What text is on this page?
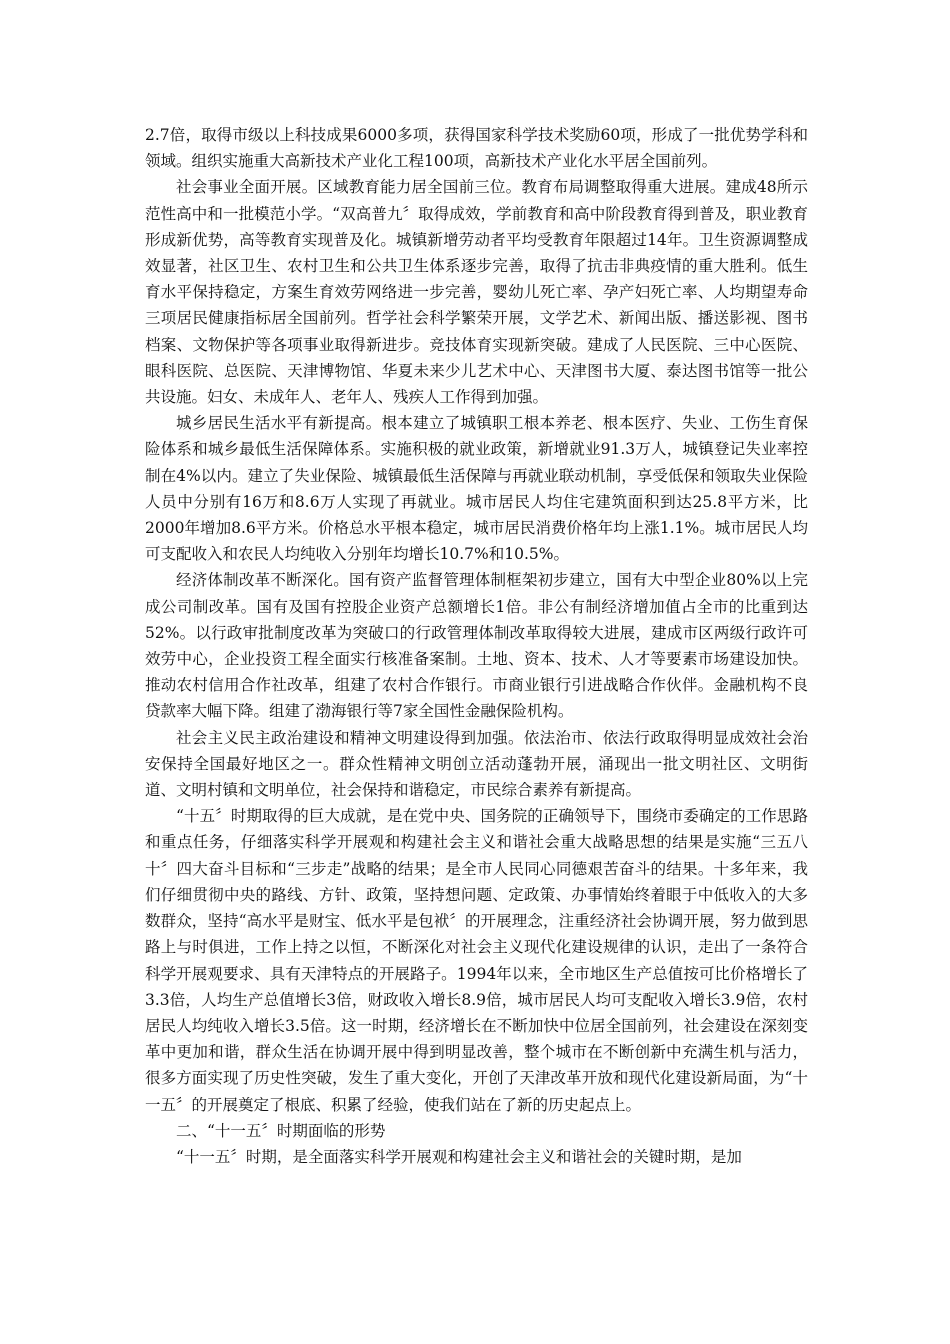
2.7倍，取得市级以上科技成果6000多项，获得国家科学技术奖励60项，形成了一批优势学科和领域。组织实施重大高新技术产业化工程100项，高新技术产业化水平居全国前列。

社会事业全面开展。区域教育能力居全国前三位。教育布局调整取得重大进展。建成48所示范性高中和一批模范小学。“双高普九〞取得成效，学前教育和高中阶段教育得到普及，职业教育形成新优势，高等教育实现普及化。城镇新增劳动者平均受教育年限超过14年。卫生资源调整成效显著，社区卫生、农村卫生和公共卫生体系逐步完善，取得了抗击非典疫情的重大胜利。低生育水平保持稳定，方案生育效劳网络进一步完善，婴幼儿死亡率、孕产妇死亡率、人均期望寿命三项居民健康指标居全国前列。哲学社会科学繁荣开展，文学艺术、新闻出版、播送影视、图书档案、文物保护等各项事业取得新进步。竞技体育实现新突破。建成了人民医院、三中心医院、眼科医院、总医院、天津博物馆、华夏未来少儿艺术中心、天津图书大厦、泰达图书馆等一批公共设施。妇女、未成年人、老年人、残疾人工作得到加强。

城乡居民生活水平有新提高。根本建立了城镇职工根本养老、根本医疗、失业、工伤生育保险体系和城乡最低生活保障体系。实施积极的就业政策，新增就业91.3万人，城镇登记失业率控制在4%以内。建立了失业保险、城镇最低生活保障与再就业联动机制，享受低保和领取失业保险人员中分别有16万和8.6万人实现了再就业。城市居民人均住宅建筑面积到达25.8平方米，比2000年增加8.6平方米。价格总水平根本稳定，城市居民消费价格年均上涨1.1%。城市居民人均可支配收入和农民人均纯收入分别年均增长10.7%和10.5%。

经济体制改革不断深化。国有资产监督管理体制框架初步建立，国有大中型企业80%以上完成公司制改革。国有及国有控股企业资产总额增长1倍。非公有制经济增加值占全市的比重到达52%。以行政审批制度改革为突破口的行政管理体制改革取得较大进展，建成市区两级行政许可效劳中心，企业投资工程全面实行核准备案制。土地、资本、技术、人才等要素市场建设加快。推动农村信用合作社改革，组建了农村合作银行。市商业银行引进战略合作伙伴。金融机构不良贷款率大幅下降。组建了渤海银行等7家全国性金融保险机构。

社会主义民主政治建设和精神文明建设得到加强。依法治市、依法行政取得明显成效社会治安保持全国最好地区之一。群众性精神文明创立活动蓬勃开展，涌现出一批文明社区、文明街道、文明村镇和文明单位，社会保持和谐稳定，市民综合素养有新提高。

“十五〞时期取得的巨大成就，是在党中央、国务院的正确领导下，围绕市委确定的工作思路和重点任务，仔细落实科学开展观和构建社会主义和谐社会重大战略思想的结果是实施“三五八十〞四大奋斗目标和“三步走”战略的结果；是全市人民同心同德艰苦奋斗的结果。十多年来，我们仔细贯彻中央的路线、方针、政策，坚持想问题、定政策、办事情始终着眼于中低收入的大多数群众，坚持“高水平是财宝、低水平是包袱〞的开展理念，注重经济社会协调开展，努力做到思路上与时俱进，工作上持之以恒，不断深化对社会主义现代化建设规律的认识，走出了一条符合科学开展观要求、具有天津特点的开展路子。1994年以来，全市地区生产总值按可比价格增长了3.3倍，人均生产总值增长3倍，财政收入增长8.9倍，城市居民人均可支配收入增长3.9倍，农村居民人均纯收入增长3.5倍。这一时期，经济增长在不断加快中位居全国前列，社会建设在深刻变革中更加和谐，群众生活在协调开展中得到明显改善，整个城市在不断创新中充满生机与活力，很多方面实现了历史性突破，发生了重大变化，开创了天津改革开放和现代化建设新局面，为“十一五〞的开展奠定了根底、积累了经验，使我们站在了新的历史起点上。

二、“十一五〞时期面临的形势

“十一五〞时期，是全面落实科学开展观和构建社会主义和谐社会的关键时期，是加
